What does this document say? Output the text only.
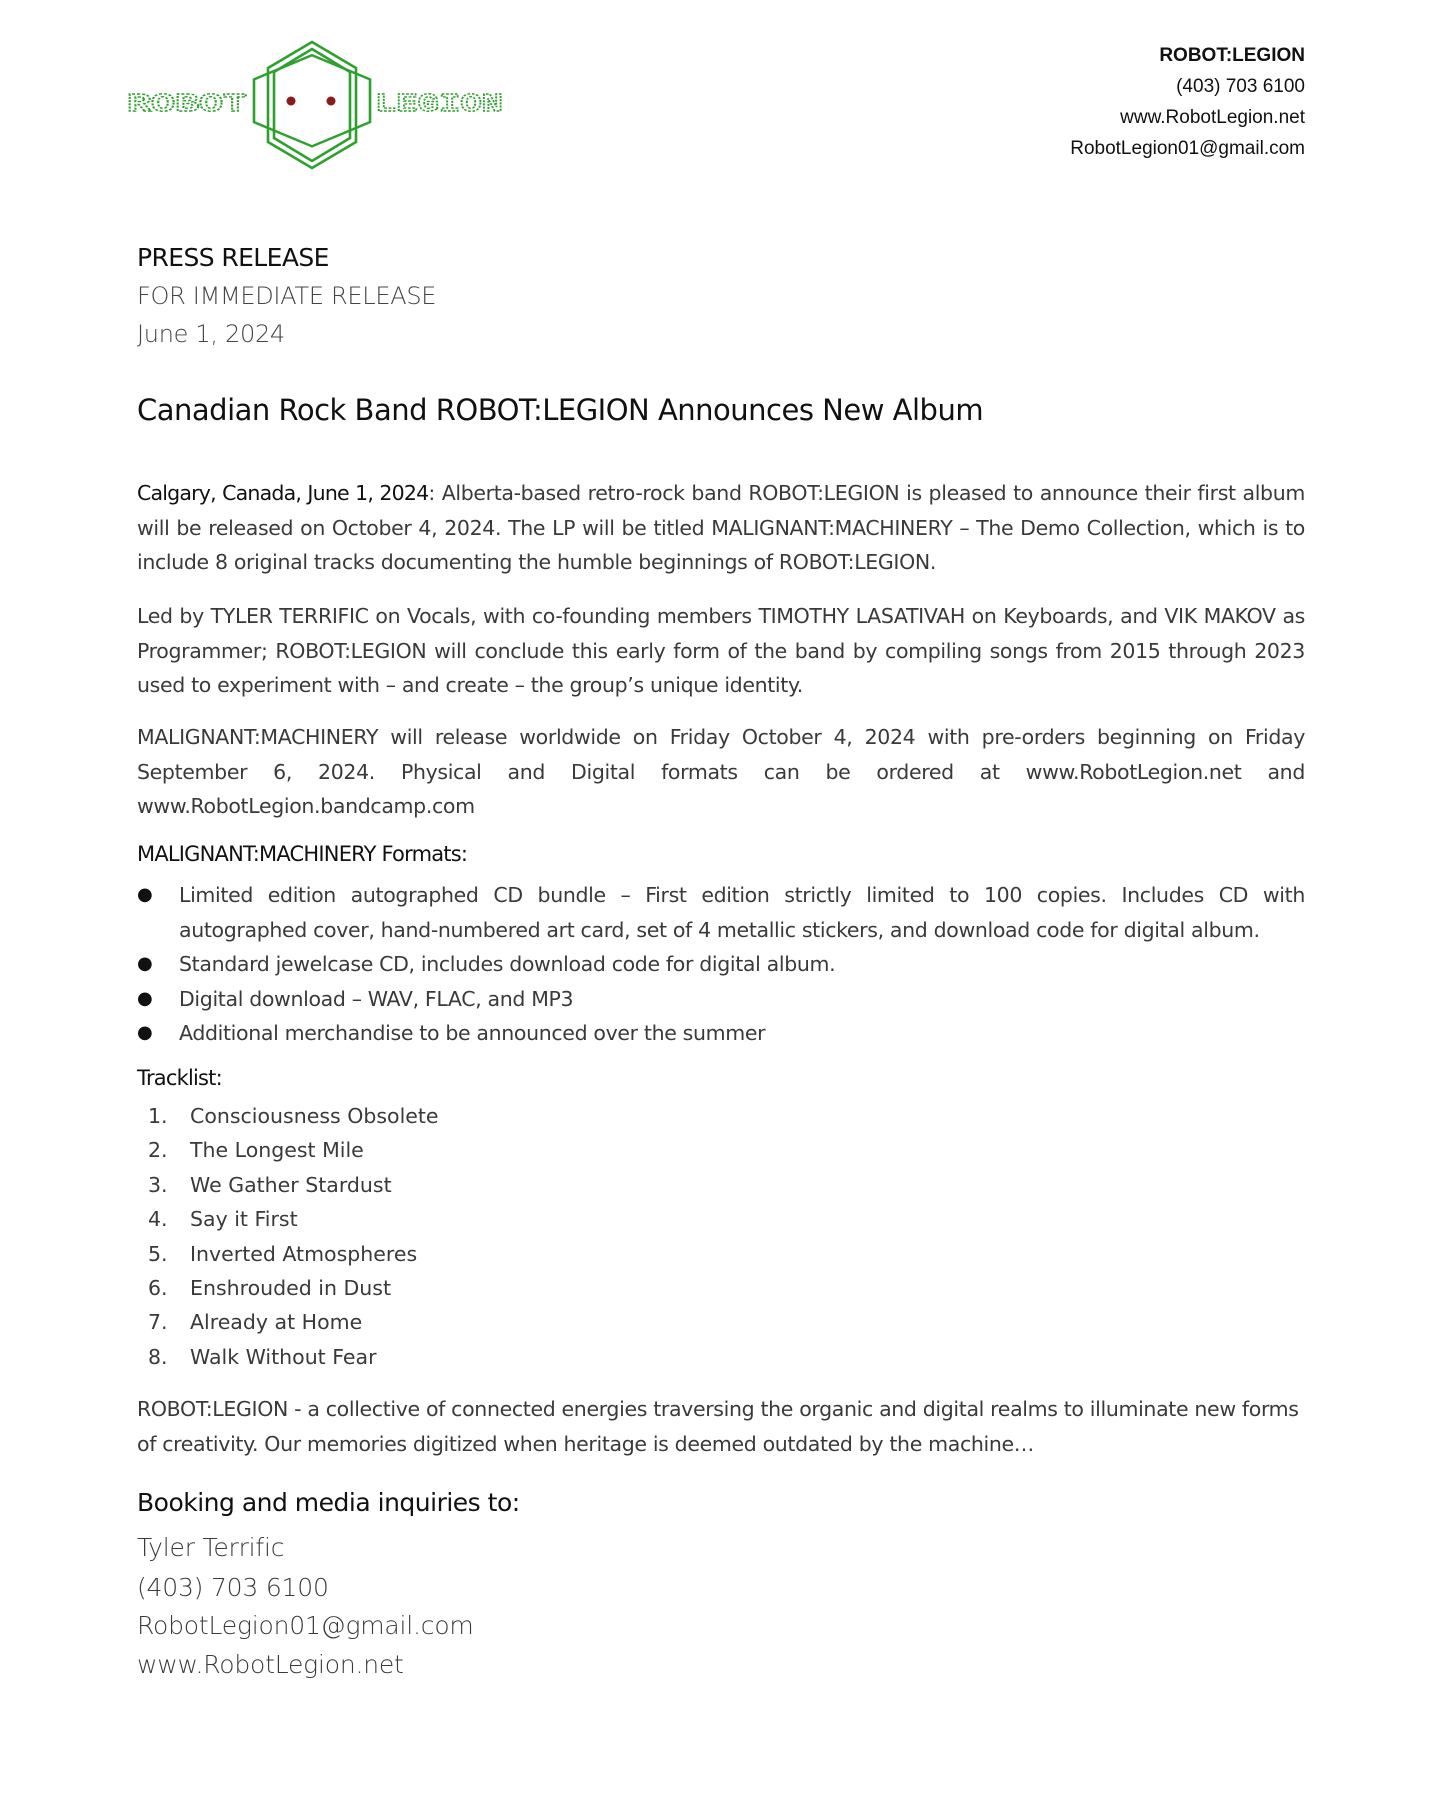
ROBOT	LEGION
ROBOT:LEGION
(403) 703 6100
www.RobotLegion.net
RobotLegion01@gmail.com
PRESS RELEASE
FOR IMMEDIATE RELEASE
June 1, 2024
Canadian Rock Band ROBOT:LEGION Announces New Album
Calgary, Canada, June 1, 2024: Alberta-based retro-rock band ROBOT:LEGION is pleased to announce their first album will be released on October 4, 2024. The LP will be titled MALIGNANT:MACHINERY – The Demo Collection, which is to include 8 original tracks documenting the humble beginnings of ROBOT:LEGION.
Led by TYLER TERRIFIC on Vocals, with co-founding members TIMOTHY LASATIVAH on Keyboards, and VIK MAKOV as Programmer; ROBOT:LEGION will conclude this early form of the band by compiling songs from 2015 through 2023 used to experiment with – and create – the group’s unique identity.
MALIGNANT:MACHINERY will release worldwide on Friday October 4, 2024 with pre-orders beginning on Friday September 6, 2024. Physical and Digital formats can be ordered at www.RobotLegion.net and www.RobotLegion.bandcamp.com
MALIGNANT:MACHINERY Formats:
● Limited edition autographed CD bundle – First edition strictly limited to 100 copies. Includes CD with autographed cover, hand-numbered art card, set of 4 metallic stickers, and download code for digital album.
● Standard jewelcase CD, includes download code for digital album.
● Digital download – WAV, FLAC, and MP3
● Additional merchandise to be announced over the summer
Tracklist:
1. Consciousness Obsolete
2. The Longest Mile
3. We Gather Stardust
4. Say it First
5. Inverted Atmospheres
6. Enshrouded in Dust
7. Already at Home
8. Walk Without Fear
ROBOT:LEGION - a collective of connected energies traversing the organic and digital realms to illuminate new forms of creativity. Our memories digitized when heritage is deemed outdated by the machine…
Booking and media inquiries to:
Tyler Terrific
(403) 703 6100
RobotLegion01@gmail.com
www.RobotLegion.net
